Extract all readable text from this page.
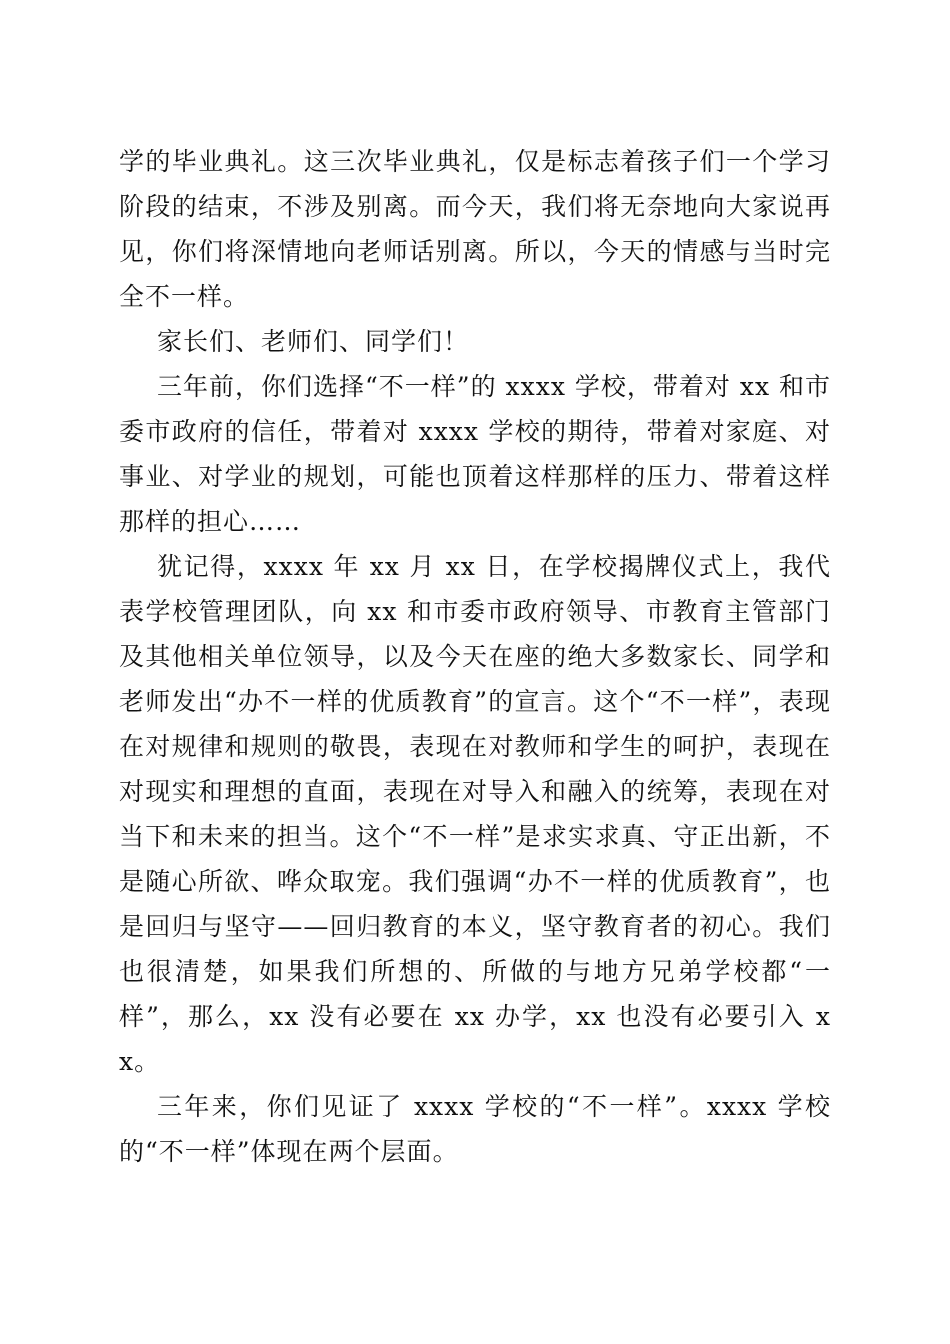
学的毕业典礼。这三次毕业典礼，仅是标志着孩子们一个学习阶段的结束，不涉及别离。而今天，我们将无奈地向大家说再见，你们将深情地向老师话别离。所以，今天的情感与当时完全不一样。

家长们、老师们、同学们！

三年前，你们选择“不一样”的 xxxx 学校，带着对 xx 和市委市政府的信任，带着对 xxxx 学校的期待，带着对家庭、对事业、对学业的规划，可能也顶着这样那样的压力、带着这样那样的担心……

犹记得，xxxx 年 xx 月 xx 日，在学校揭牌仪式上，我代表学校管理团队，向 xx 和市委市政府领导、市教育主管部门及其他相关单位领导，以及今天在座的绝大多数家长、同学和老师发出“办不一样的优质教育”的宣言。这个“不一样”，表现在对规律和规则的敬畏，表现在对教师和学生的呵护，表现在对现实和理想的直面，表现在对导入和融入的统筹，表现在对当下和未来的担当。这个“不一样”是求实求真、守正出新，不是随心所欲、哗众取宠。我们强调“办不一样的优质教育”，也是回归与坚守——回归教育的本义，坚守教育者的初心。我们也很清楚，如果我们所想的、所做的与地方兄弟学校都“一样”，那么，xx 没有必要在 xx 办学，xx 也没有必要引入 xx。

三年来，你们见证了 xxxx 学校的“不一样”。xxxx 学校的“不一样”体现在两个层面。
